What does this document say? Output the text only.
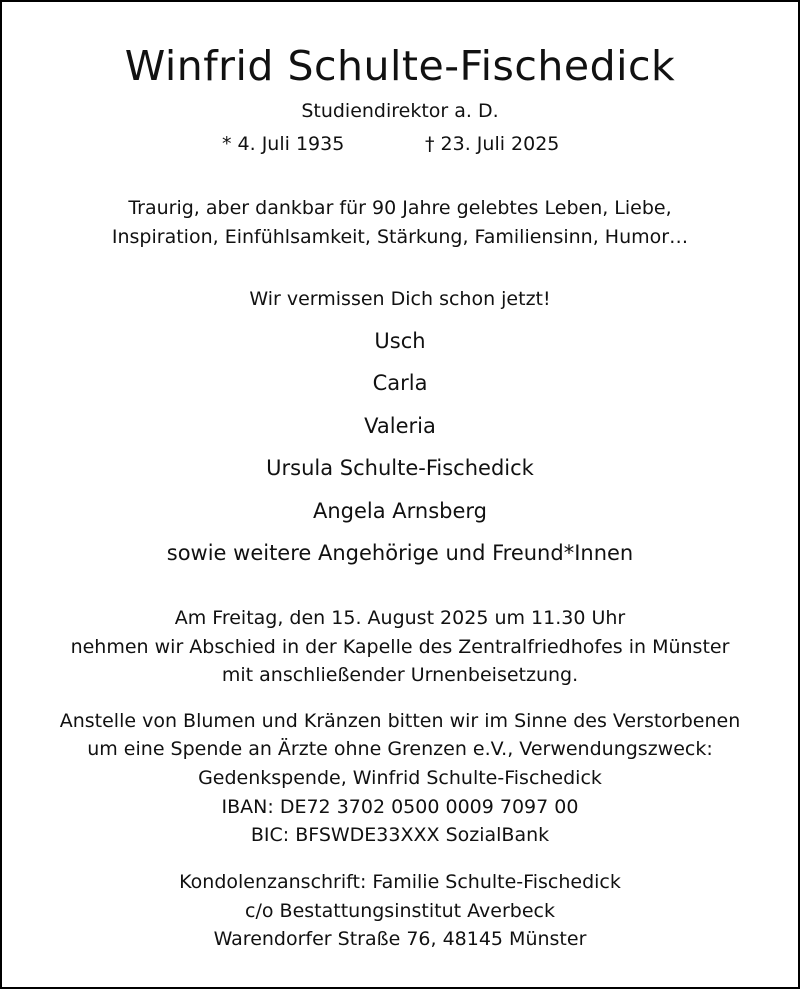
Winfrid Schulte-Fischedick
Studiendirektor a. D.
* 4. Juli 1935	† 23. Juli 2025
Traurig, aber dankbar für 90 Jahre gelebtes Leben, Liebe,
Inspiration, Einfühlsamkeit, Stärkung, Familiensinn, Humor…
Wir vermissen Dich schon jetzt!
Usch
Carla
Valeria
Ursula Schulte-Fischedick
Angela Arnsberg
sowie weitere Angehörige und Freund*Innen
Am Freitag, den 15. August 2025 um 11.30 Uhr
nehmen wir Abschied in der Kapelle des Zentralfriedhofes in Münster
mit anschließender Urnenbeisetzung.
Anstelle von Blumen und Kränzen bitten wir im Sinne des Verstorbenen
um eine Spende an Ärzte ohne Grenzen e.V., Verwendungszweck:
Gedenkspende, Winfrid Schulte-Fischedick
IBAN: DE72 3702 0500 0009 7097 00
BIC: BFSWDE33XXX SozialBank
Kondolenzanschrift: Familie Schulte-Fischedick
c/o Bestattungsinstitut Averbeck
Warendorfer Straße 76, 48145 Münster
